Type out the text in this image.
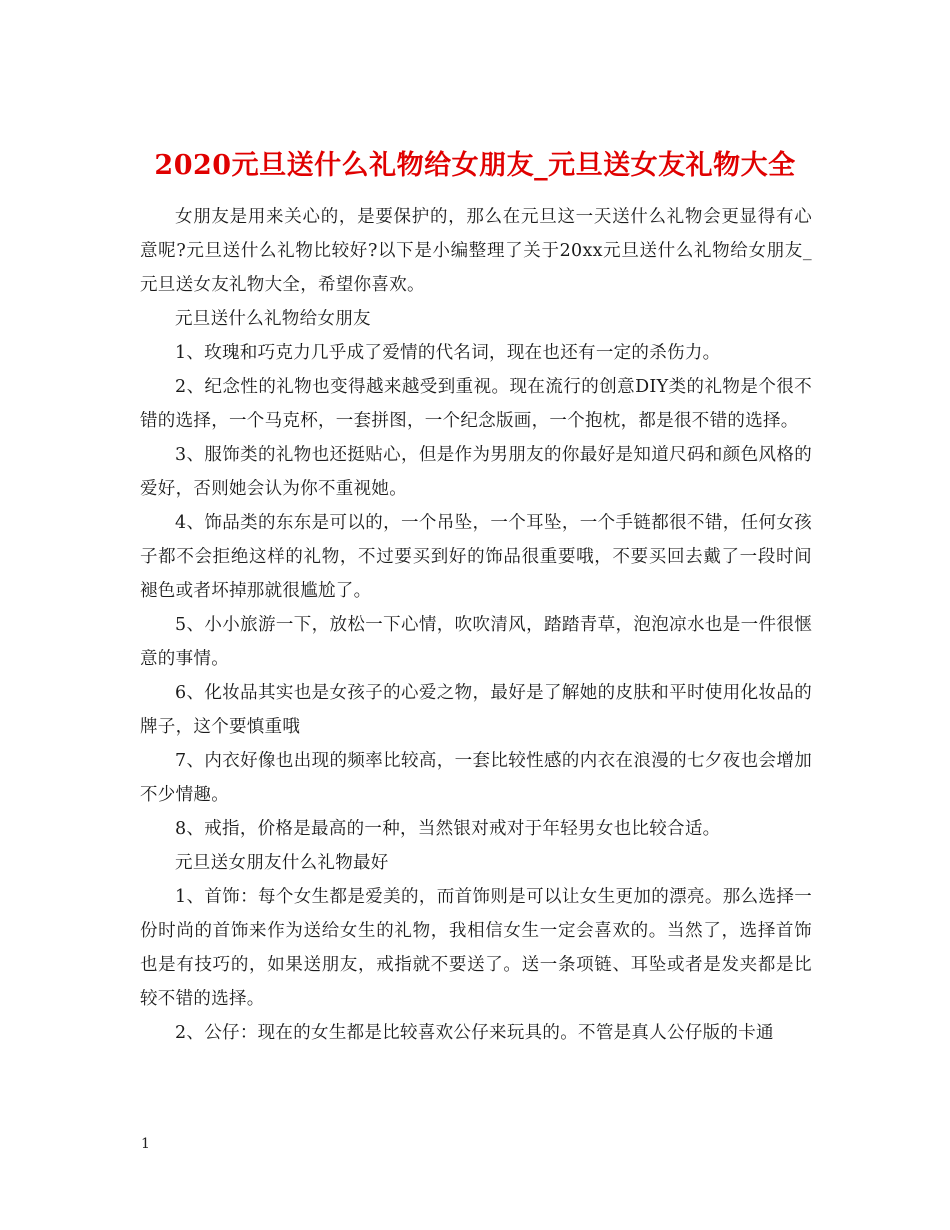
2020元旦送什么礼物给女朋友_元旦送女友礼物大全

女朋友是用来关心的，是要保护的，那么在元旦这一天送什么礼物会更显得有心意呢?元旦送什么礼物比较好?以下是小编整理了关于20xx元旦送什么礼物给女朋友_元旦送女友礼物大全，希望你喜欢。

元旦送什么礼物给女朋友

1、玫瑰和巧克力几乎成了爱情的代名词，现在也还有一定的杀伤力。

2、纪念性的礼物也变得越来越受到重视。现在流行的创意DIY类的礼物是个很不错的选择，一个马克杯，一套拼图，一个纪念版画，一个抱枕，都是很不错的选择。

3、服饰类的礼物也还挺贴心，但是作为男朋友的你最好是知道尺码和颜色风格的爱好，否则她会认为你不重视她。

4、饰品类的东东是可以的，一个吊坠，一个耳坠，一个手链都很不错，任何女孩子都不会拒绝这样的礼物，不过要买到好的饰品很重要哦，不要买回去戴了一段时间褪色或者坏掉那就很尴尬了。

5、小小旅游一下，放松一下心情，吹吹清风，踏踏青草，泡泡凉水也是一件很惬意的事情。

6、化妆品其实也是女孩子的心爱之物，最好是了解她的皮肤和平时使用化妆品的牌子，这个要慎重哦

7、内衣好像也出现的频率比较高，一套比较性感的内衣在浪漫的七夕夜也会增加不少情趣。

8、戒指，价格是最高的一种，当然银对戒对于年轻男女也比较合适。

元旦送女朋友什么礼物最好

1、首饰：每个女生都是爱美的，而首饰则是可以让女生更加的漂亮。那么选择一份时尚的首饰来作为送给女生的礼物，我相信女生一定会喜欢的。当然了，选择首饰也是有技巧的，如果送朋友，戒指就不要送了。送一条项链、耳坠或者是发夹都是比较不错的选择。

2、公仔：现在的女生都是比较喜欢公仔来玩具的。不管是真人公仔版的卡通

1
